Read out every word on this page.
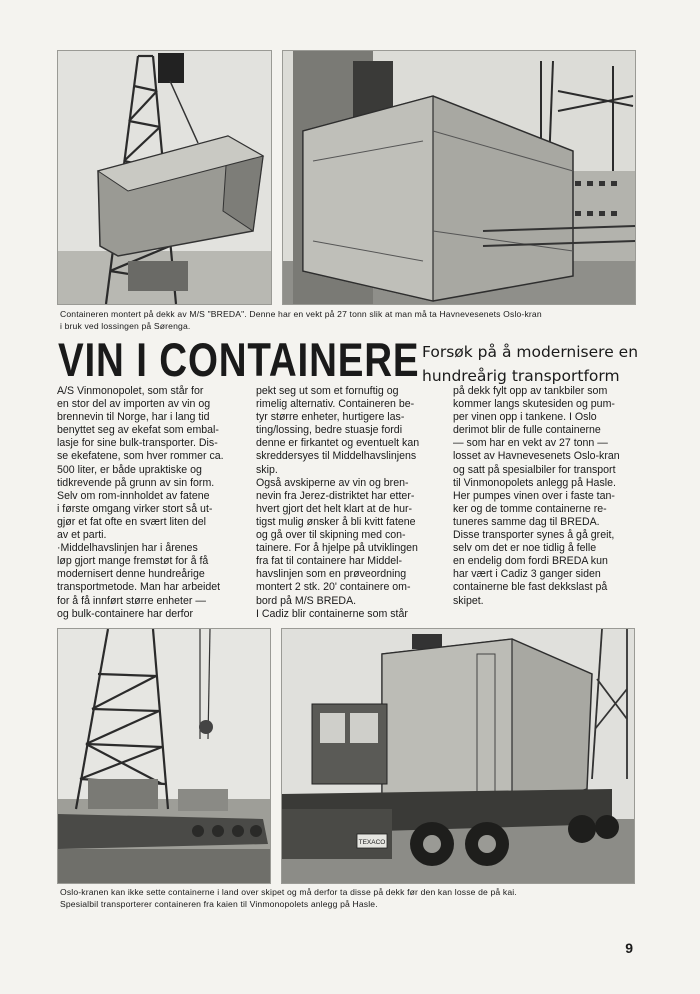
Containeren montert på dekk av M/S "BREDA". Denne har en vekt på 27 tonn slik at man må ta Havnevesenets Oslo-kran
i bruk ved lossingen på Sørenga.
VIN I CONTAINERE Forsøk på å modernisere en
hundreårig transportform
A/S Vinmonopolet, som står for
en stor del av importen av vin og
brennevin til Norge, har i lang tid
benyttet seg av ekefat som embal-
lasje for sine bulk-transporter. Dis-
se ekefatene, som hver rommer ca.
500 liter, er både upraktiske og
tidkrevende på grunn av sin form.
Selv om rom-innholdet av fatene
i første omgang virker stort så ut-
gjør et fat ofte en svært liten del
av et parti.
·Middelhavslinjen har i årenes
løp gjort mange fremstøt for å få
modernisert denne hundreårige
transportmetode. Man har arbeidet
for å få innført større enheter —
og bulk-containere har derfor
pekt seg ut som et fornuftig og
rimelig alternativ. Containeren be-
tyr større enheter, hurtigere las-
ting/lossing, bedre stuasje fordi
denne er firkantet og eventuelt kan
skreddersyes til Middelhavslinjens
skip.
Også avskiperne av vin og bren-
nevin fra Jerez-distriktet har etter-
hvert gjort det helt klart at de hur-
tigst mulig ønsker å bli kvitt fatene
og gå over til skipning med con-
tainere. For å hjelpe på utviklingen
fra fat til containere har Middel-
havslinjen som en prøveordning
montert 2 stk. 20' containere om-
bord på M/S BREDA.
I Cadiz blir containerne som står
på dekk fylt opp av tankbiler som
kommer langs skutesiden og pum-
per vinen opp i tankene. I Oslo
derimot blir de fulle containerne
— som har en vekt av 27 tonn —
losset av Havnevesenets Oslo-kran
og satt på spesialbiler for transport
til Vinmonopolets anlegg på Hasle.
Her pumpes vinen over i faste tan-
ker og de tomme containerne re-
tuneres samme dag til BREDA.
Disse transporter synes å gå greit,
selv om det er noe tidlig å felle
en endelig dom fordi BREDA kun
har vært i Cadiz 3 ganger siden
containerne ble fast dekkslast på
skipet.
TEXACO
Oslo-kranen kan ikke sette containerne i land over skipet og må derfor ta disse på dekk før den kan losse de på kai.
Spesialbil transporterer containeren fra kaien til Vinmonopolets anlegg på Hasle.
9
